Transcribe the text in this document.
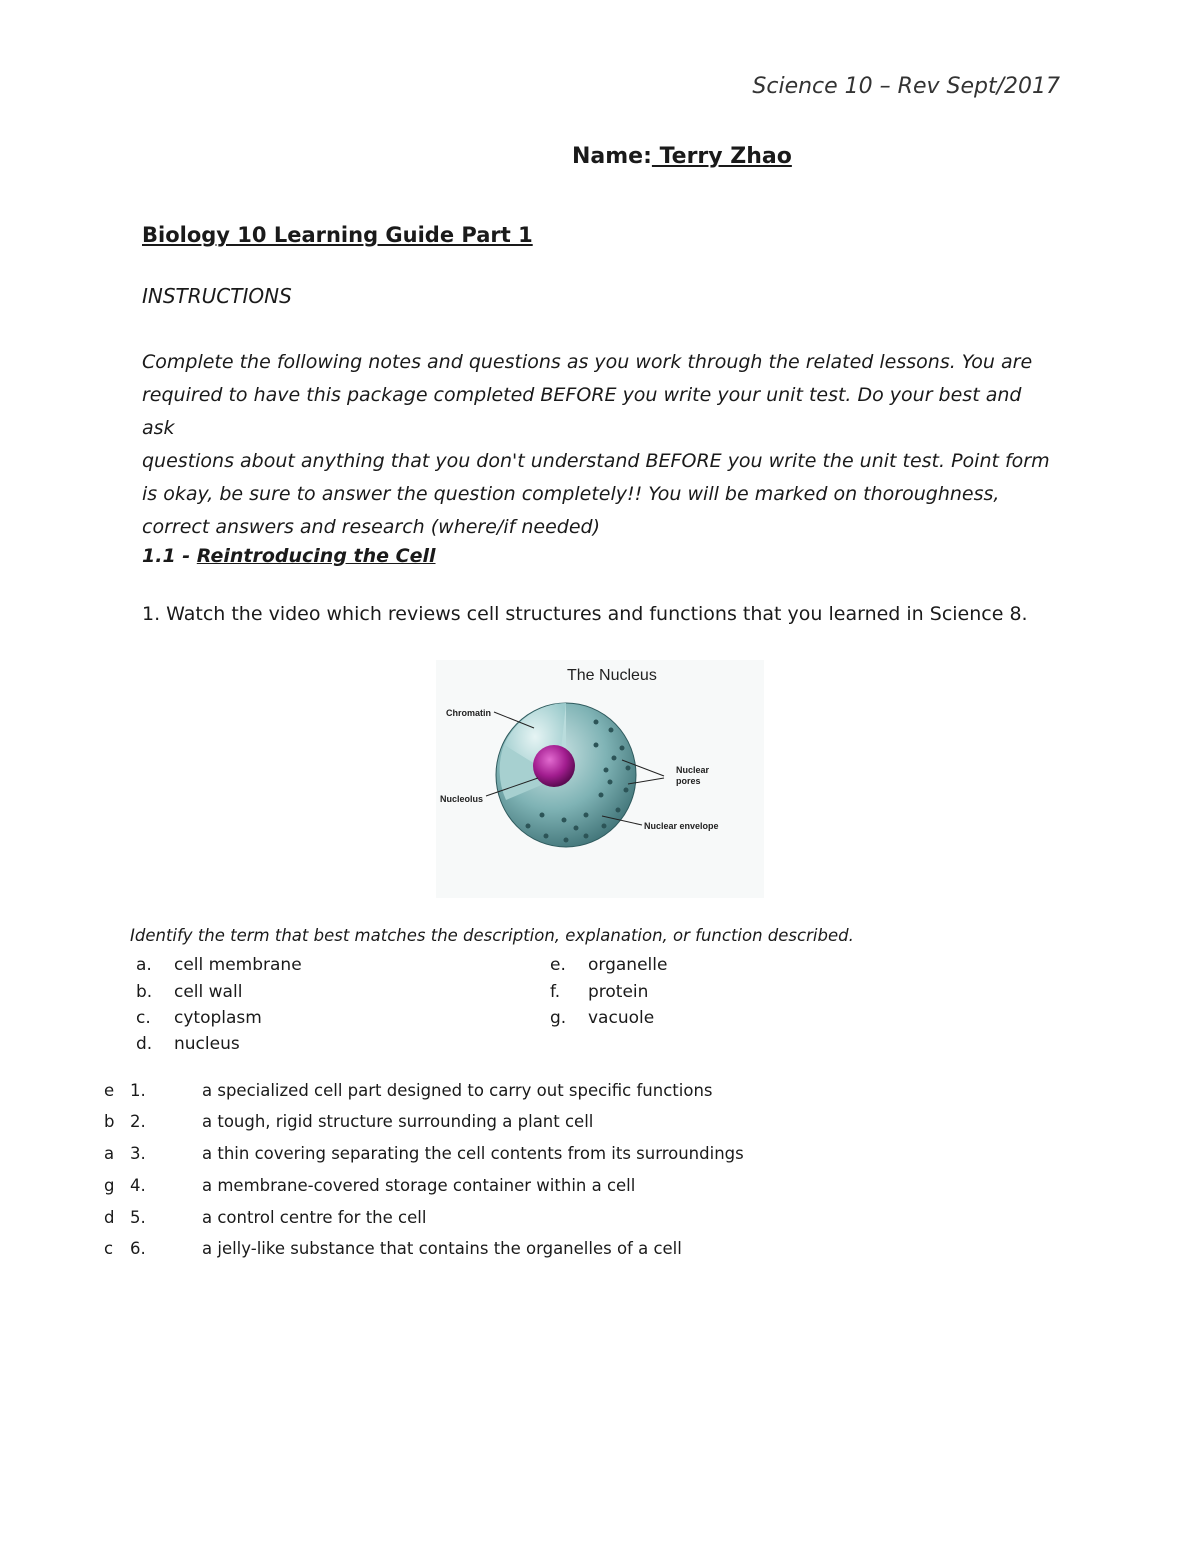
Science 10 – Rev Sept/2017
Name: Terry Zhao
Biology 10 Learning Guide Part 1
INSTRUCTIONS

Complete the following notes and questions as you work through the related lessons. You are

required to have this package completed BEFORE you write your unit test. Do your best and ask

questions about anything that you don't understand BEFORE you write the unit test. Point form

is okay, be sure to answer the question completely!! You will be marked on thoroughness,

correct answers and research (where/if needed)

1.1 - Reintroducing the Cell
1. Watch the video which reviews cell structures and functions that you learned in Science 8.
The Nucleus
Chromatin
Nucleolus
Nuclear
pores
Nuclear envelope
Identify the term that best matches the description, explanation, or function described.
a. cell membrane
b. cell wall
c. cytoplasm
d. nucleus
e. organelle
f. protein
g. vacuole
e 1.	a specialized cell part designed to carry out specific functions
b 2.	a tough, rigid structure surrounding a plant cell
a 3.	a thin covering separating the cell contents from its surroundings
g 4.	a membrane-covered storage container within a cell
d 5.	a control centre for the cell
c 6.	a jelly-like substance that contains the organelles of a cell
